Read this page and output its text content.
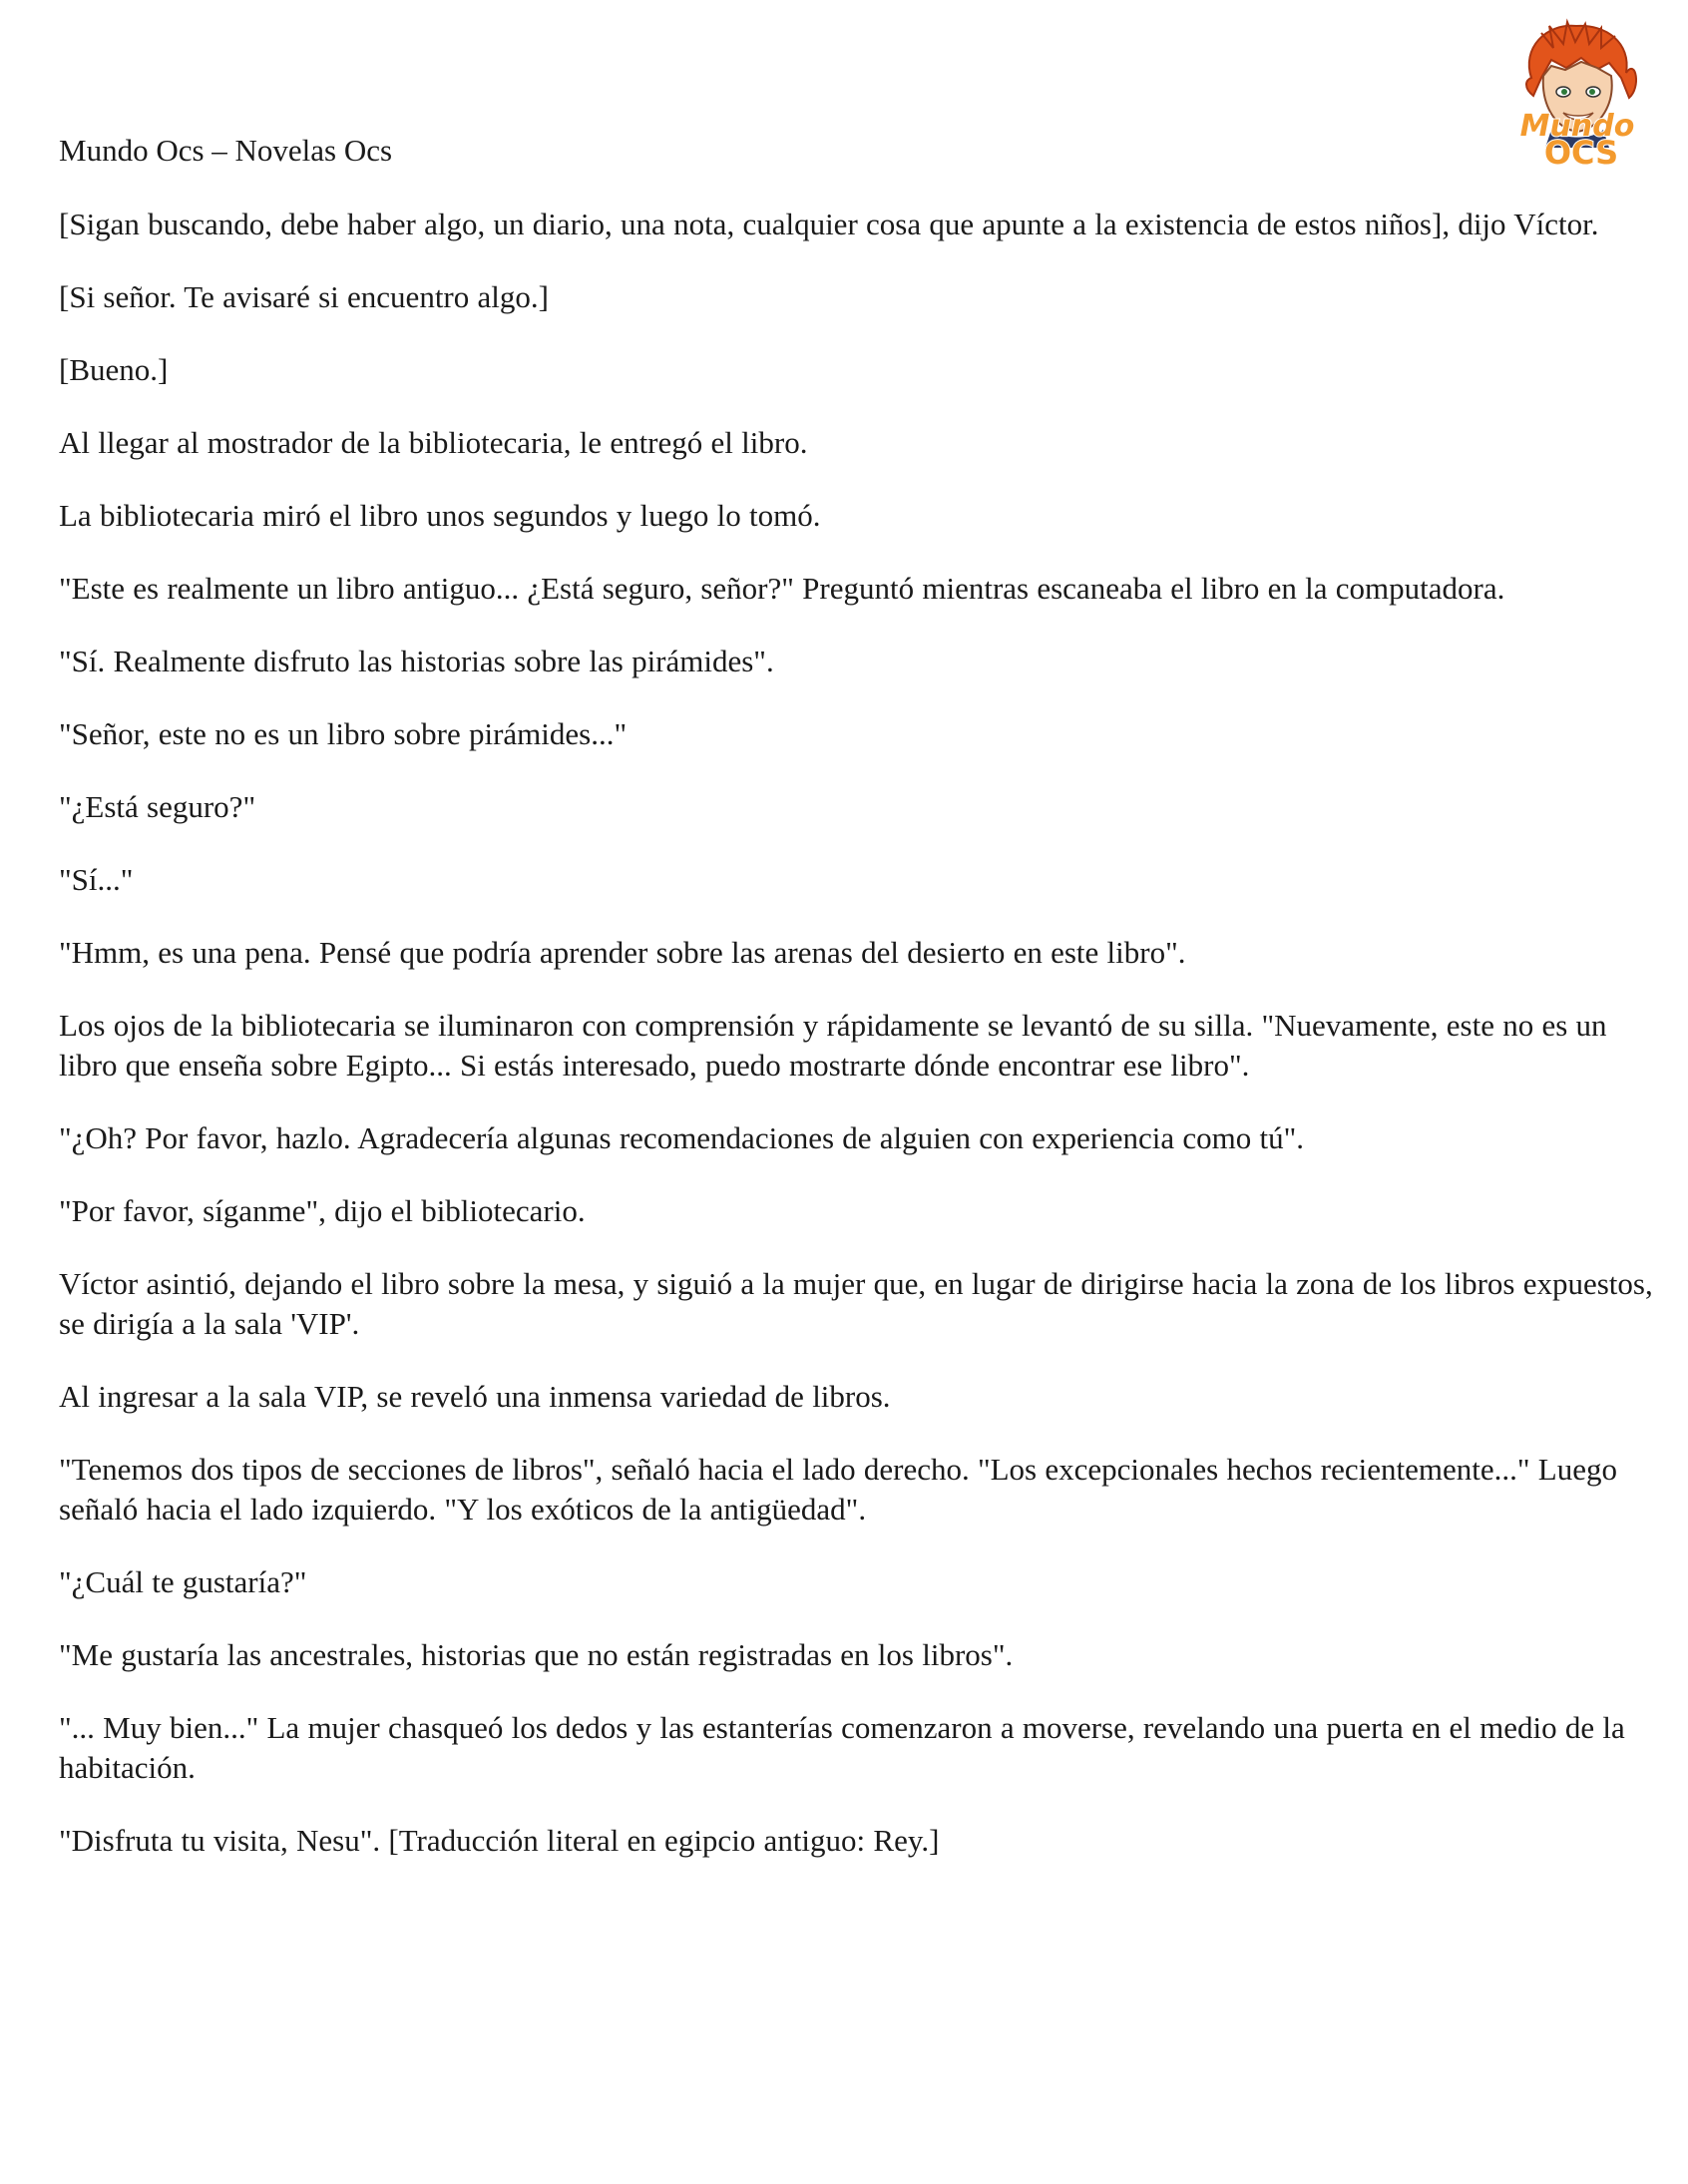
Mundo Ocs – Novelas Ocs
Mundo
OCS

[Sigan buscando, debe haber algo, un diario, una nota, cualquier cosa que apunte a la existencia de estos niños], dijo Víctor.

[Si señor. Te avisaré si encuentro algo.]

[Bueno.]

Al llegar al mostrador de la bibliotecaria, le entregó el libro.

La bibliotecaria miró el libro unos segundos y luego lo tomó.

"Este es realmente un libro antiguo... ¿Está seguro, señor?" Preguntó mientras escaneaba el libro en la computadora.

"Sí. Realmente disfruto las historias sobre las pirámides".

"Señor, este no es un libro sobre pirámides..."

"¿Está seguro?"

"Sí..."

"Hmm, es una pena. Pensé que podría aprender sobre las arenas del desierto en este libro".

Los ojos de la bibliotecaria se iluminaron con comprensión y rápidamente se levantó de su silla. "Nuevamente, este no es un libro que enseña sobre Egipto... Si estás interesado, puedo mostrarte dónde encontrar ese libro".

"¿Oh? Por favor, hazlo. Agradecería algunas recomendaciones de alguien con experiencia como tú".

"Por favor, síganme", dijo el bibliotecario.

Víctor asintió, dejando el libro sobre la mesa, y siguió a la mujer que, en lugar de dirigirse hacia la zona de los libros expuestos, se dirigía a la sala 'VIP'.

Al ingresar a la sala VIP, se reveló una inmensa variedad de libros.

"Tenemos dos tipos de secciones de libros", señaló hacia el lado derecho. "Los excepcionales hechos recientemente..." Luego señaló hacia el lado izquierdo. "Y los exóticos de la antigüedad".

"¿Cuál te gustaría?"

"Me gustaría las ancestrales, historias que no están registradas en los libros".

"... Muy bien..." La mujer chasqueó los dedos y las estanterías comenzaron a moverse, revelando una puerta en el medio de la habitación.

"Disfruta tu visita, Nesu". [Traducción literal en egipcio antiguo: Rey.]
